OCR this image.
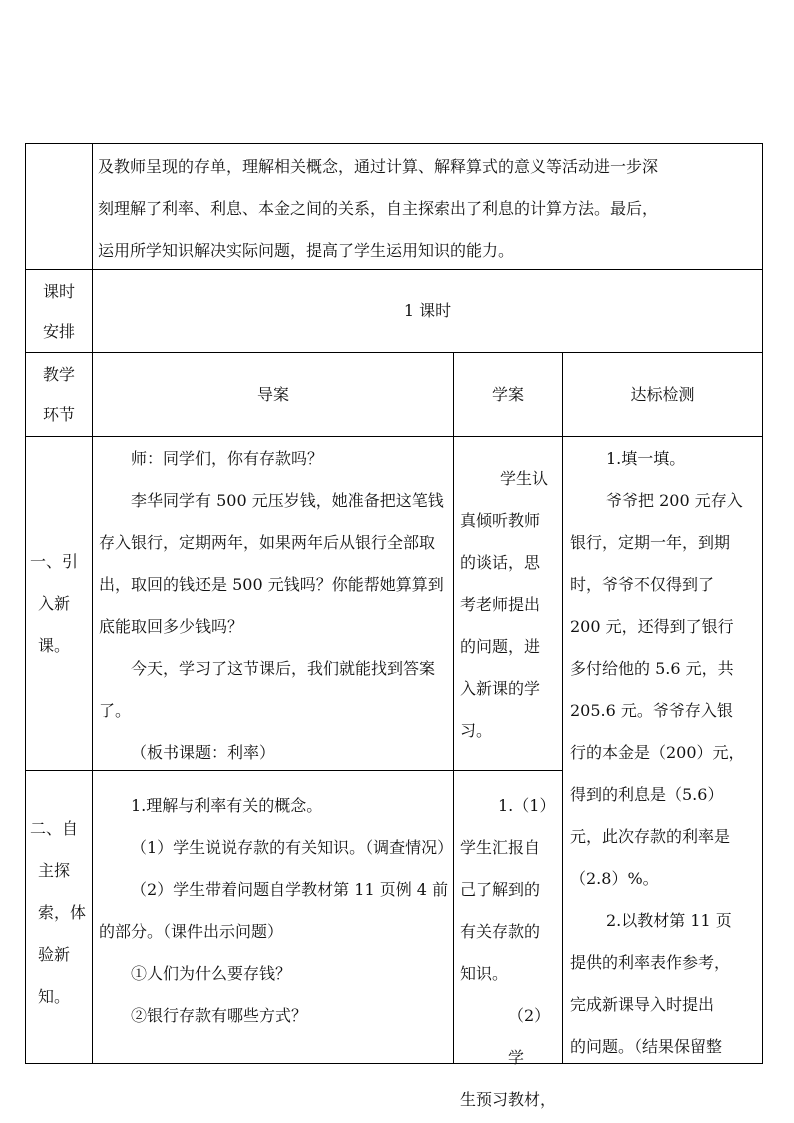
及教师呈现的存单，理解相关概念，通过计算、解释算式的意义等活动进一步深

刻理解了利率、利息、本金之间的关系，自主探索出了利息的计算方法。最后，

运用所学知识解决实际问题，提高了学生运用知识的能力。

课时

安排

1 课时

教学

环节

导案	学案	达标检测

一、引

入新

课。

师：同学们，你有存款吗？

李华同学有 500 元压岁钱，她准备把这笔钱存入银行，定期两年，如果两年后从银行全部取出，取回的钱还是 500 元钱吗？你能帮她算算到底能取回多少钱吗？

今天，学习了这节课后，我们就能找到答案了。

（板书课题：利率）

学生认

真倾听教师

的谈话，思

考老师提出

的问题，进

入新课的学

习。

二、自

主探

索，体

验新

知。

1.理解与利率有关的概念。

（1）学生说说存款的有关知识。（调查情况）

（2）学生带着问题自学教材第 11 页例 4 前的部分。（课件出示问题）

①人们为什么要存钱？

②银行存款有哪些方式？

1.（1）

学生汇报自

己了解到的

有关存款的

知识。

（2）学

生预习教材，

1.填一填。

爷爷把 200 元存入

银行，定期一年，到期

时，爷爷不仅得到了

200 元，还得到了银行

多付给他的 5.6 元，共

205.6 元。爷爷存入银

行的本金是（200）元，

得到的利息是（5.6）

元，此次存款的利率是

（2.8）%。

2.以教材第 11 页

提供的利率表作参考，

完成新课导入时提出

的问题。（结果保留整
